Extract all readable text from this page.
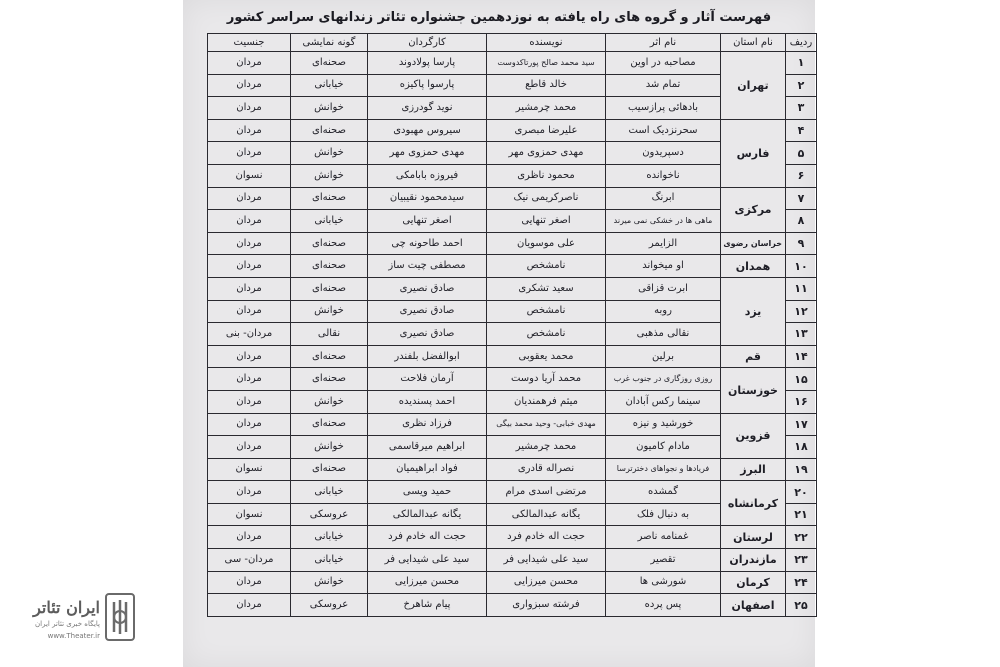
فهرست آثار و گروه های راه یافته به نوزدهمین جشنواره تئاتر زندانهای سراسر کشور
ردیف	نام استان	نام اثر	نویسنده	کارگردان	گونه نمایشی	جنسیت
۱	تهران	مصاحبه در اوین	سید محمد صالح پورتاکدوست	پارسا پولادوند	صحنه‌ای	مردان
۲		تمام شد	خالد قاطع	پارسوا پاکیزه	خیابانی	مردان
۳		بادهائی پرازسیب	محمد چرمشیر	نوید گودرزی	خوانش	مردان
۴	فارس	سحرنزدیک است	علیرضا مبصری	سیروس مهبودی	صحنه‌ای	مردان
۵		دسپریدون	مهدی حمزوی مهر	مهدی حمزوی مهر	خوانش	مردان
۶		ناخوانده	محمود ناظری	فیروزه بابامکی	خوانش	نسوان
۷	مرکزی	ابرنگ	ناصرکریمی نیک	سیدمحمود نقیبیان	صحنه‌ای	مردان
۸		ماهی ها در خشکی نمی میرند	اصغر تنهایی	اصغر تنهایی	خیابانی	مردان
۹	خراسان رضوی	الزایمر	علی موسویان	احمد طاحونه چی	صحنه‌ای	مردان
۱۰	همدان	او میخواند	نامشخص	مصطفی چیت ساز	صحنه‌ای	مردان
۱۱	یزد	ابرت قزاقی	سعید تشکری	صادق نصیری	صحنه‌ای	مردان
۱۲		روبه	نامشخص	صادق نصیری	خوانش	مردان
۱۳		نقالی مذهبی	نامشخص	صادق نصیری	نقالی	مردان- بنی
۱۴	قم	برلین	محمد یعقوبی	ابوالفضل بلفندر	صحنه‌ای	مردان
۱۵	خوزستان	روزی روزگاری در جنوب غرب	محمد آریا دوست	آرمان فلاحت	صحنه‌ای	مردان
۱۶		سینما رکس آبادان	میثم فرهمندیان	احمد پسندیده	خوانش	مردان
۱۷	قزوین	خورشید و نیزه	مهدی خبابی- وحید محمد بیگی	فرزاد نظری	صحنه‌ای	مردان
۱۸		مادام کامیون	محمد چرمشیر	ابراهیم میرقاسمی	خوانش	مردان
۱۹	البرز	فریادها و نجواهای دخترترسا	نصراله قادری	فواد ابراهیمیان	صحنه‌ای	نسوان
۲۰	کرمانشاه	گمشده	مرتضی اسدی مرام	حمید ویسی	خیابانی	مردان
۲۱		به دنبال فلک	یگانه عبدالمالکی	یگانه عبدالمالکی	عروسکی	نسوان
۲۲	لرستان	غمنامه ناصر	حجت اله خادم فرد	حجت اله خادم فرد	خیابانی	مردان
۲۳	مازندران	تقصیر	سید علی شیدایی فر	سید علی شیدایی فر	خیابانی	مردان- سی
۲۴	کرمان	شورشی ها	محسن میرزایی	محسن میرزایی	خوانش	مردان
۲۵	اصفهان	پس پرده	فرشته سبزواری	پیام شاهرخ	عروسکی	مردان
ایران تئاتر
پایگاه خبری تئاتر ایران
www.Theater.ir
